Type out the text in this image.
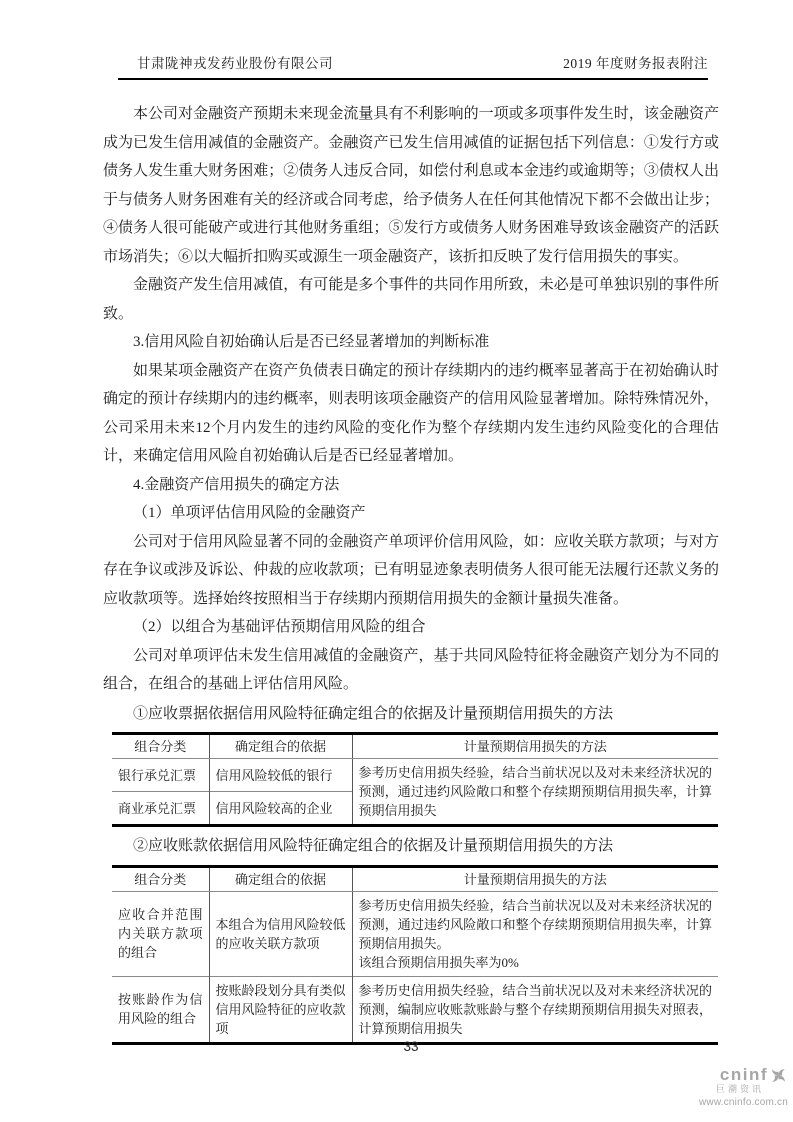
甘肃陇神戎发药业股份有限公司	2019 年度财务报表附注

本公司对金融资产预期未来现金流量具有不利影响的一项或多项事件发生时，该金融资产成为已发生信用减值的金融资产。金融资产已发生信用减值的证据包括下列信息：①发行方或债务人发生重大财务困难；②债务人违反合同，如偿付利息或本金违约或逾期等；③债权人出于与债务人财务困难有关的经济或合同考虑，给予债务人在任何其他情况下都不会做出让步；④债务人很可能破产或进行其他财务重组；⑤发行方或债务人财务困难导致该金融资产的活跃市场消失；⑥以大幅折扣购买或源生一项金融资产，该折扣反映了发行信用损失的事实。

金融资产发生信用减值，有可能是多个事件的共同作用所致，未必是可单独识别的事件所致。

3.信用风险自初始确认后是否已经显著增加的判断标准

如果某项金融资产在资产负债表日确定的预计存续期内的违约概率显著高于在初始确认时确定的预计存续期内的违约概率，则表明该项金融资产的信用风险显著增加。除特殊情况外，公司采用未来12个月内发生的违约风险的变化作为整个存续期内发生违约风险变化的合理估计，来确定信用风险自初始确认后是否已经显著增加。

4.金融资产信用损失的确定方法

（1）单项评估信用风险的金融资产

公司对于信用风险显著不同的金融资产单项评价信用风险，如：应收关联方款项；与对方存在争议或涉及诉讼、仲裁的应收款项；已有明显迹象表明债务人很可能无法履行还款义务的应收款项等。选择始终按照相当于存续期内预期信用损失的金额计量损失准备。

（2）以组合为基础评估预期信用风险的组合

公司对单项评估未发生信用减值的金融资产，基于共同风险特征将金融资产划分为不同的组合，在组合的基础上评估信用风险。

①应收票据依据信用风险特征确定组合的依据及计量预期信用损失的方法

组合分类	确定组合的依据	计量预期信用损失的方法
银行承兑汇票	信用风险较低的银行	参考历史信用损失经验，结合当前状况以及对未来经济状况的预测，通过违约风险敞口和整个存续期预期信用损失率，计算预期信用损失
商业承兑汇票	信用风险较高的企业	

②应收账款依据信用风险特征确定组合的依据及计量预期信用损失的方法

组合分类	确定组合的依据	计量预期信用损失的方法
应收合并范围内关联方款项的组合	本组合为信用风险较低的应收关联方款项	参考历史信用损失经验，结合当前状况以及对未来经济状况的预测，通过违约风险敞口和整个存续期预期信用损失率，计算预期信用损失。
该组合预期信用损失率为0%

按账龄作为信用风险的组合	按账龄段划分具有类似信用风险特征的应收款项	参考历史信用损失经验，结合当前状况以及对未来经济状况的预测，编制应收账款账龄与整个存续期预期信用损失对照表，计算预期信用损失
33
cninf
巨潮资讯
www.cninfo.com.cn
